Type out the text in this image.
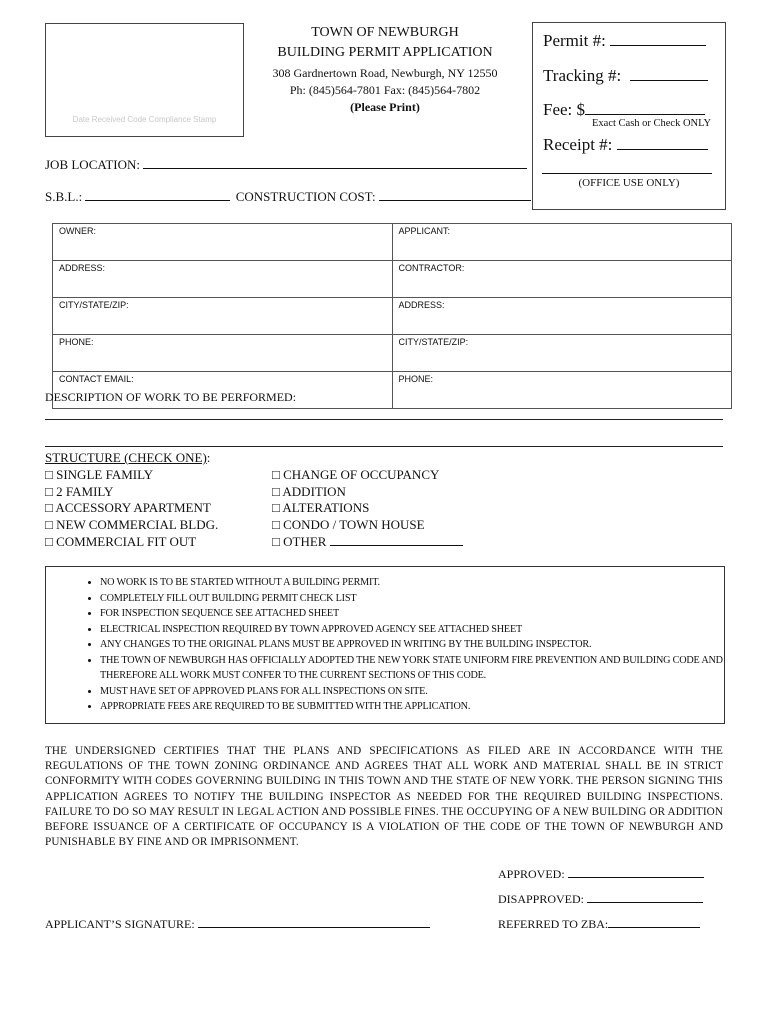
Date Received Code Compliance Stamp
TOWN OF NEWBURGH
BUILDING PERMIT APPLICATION
308 Gardnertown Road, Newburgh, NY 12550
Ph: (845)564-7801 Fax: (845)564-7802
(Please Print)
Permit #:
Tracking #:
Fee: $
Exact Cash or Check ONLY
Receipt #:
(OFFICE USE ONLY)
JOB LOCATION:
S.B.L.:	CONSTRUCTION COST:
OWNER:	APPLICANT:
ADDRESS:	CONTRACTOR:
CITY/STATE/ZIP:	ADDRESS:
PHONE:	CITY/STATE/ZIP:
CONTACT EMAIL:	PHONE:
DESCRIPTION OF WORK TO BE PERFORMED:
STRUCTURE (CHECK ONE):
□ SINGLE FAMILY
□ 2 FAMILY
□ ACCESSORY APARTMENT
□ NEW COMMERCIAL BLDG.
□ COMMERCIAL FIT OUT
□ CHANGE OF OCCUPANCY
□ ADDITION
□ ALTERATIONS
□ CONDO / TOWN HOUSE
□ OTHER
• NO WORK IS TO BE STARTED WITHOUT A BUILDING PERMIT.
• COMPLETELY FILL OUT BUILDING PERMIT CHECK LIST
• FOR INSPECTION SEQUENCE SEE ATTACHED SHEET
• ELECTRICAL INSPECTION REQUIRED BY TOWN APPROVED AGENCY SEE ATTACHED SHEET
• ANY CHANGES TO THE ORIGINAL PLANS MUST BE APPROVED IN WRITING BY THE BUILDING INSPECTOR.
• THE TOWN OF NEWBURGH HAS OFFICIALLY ADOPTED THE NEW YORK STATE UNIFORM FIRE PREVENTION AND BUILDING CODE AND THEREFORE ALL WORK MUST CONFER TO THE CURRENT SECTIONS OF THIS CODE.
• MUST HAVE SET OF APPROVED PLANS FOR ALL INSPECTIONS ON SITE.
• APPROPRIATE FEES ARE REQUIRED TO BE SUBMITTED WITH THE APPLICATION.
THE UNDERSIGNED CERTIFIES THAT THE PLANS AND SPECIFICATIONS AS FILED ARE IN ACCORDANCE WITH THE REGULATIONS OF THE TOWN ZONING ORDINANCE AND AGREES THAT ALL WORK AND MATERIAL SHALL BE IN STRICT CONFORMITY WITH CODES GOVERNING BUILDING IN THIS TOWN AND THE STATE OF NEW YORK. THE PERSON SIGNING THIS APPLICATION AGREES TO NOTIFY THE BUILDING INSPECTOR AS NEEDED FOR THE REQUIRED BUILDING INSPECTIONS. FAILURE TO DO SO MAY RESULT IN LEGAL ACTION AND POSSIBLE FINES. THE OCCUPYING OF A NEW BUILDING OR ADDITION BEFORE ISSUANCE OF A CERTIFICATE OF OCCUPANCY IS A VIOLATION OF THE CODE OF THE TOWN OF NEWBURGH AND PUNISHABLE BY FINE AND OR IMPRISONMENT.
APPROVED:
DISAPPROVED:
REFERRED TO ZBA:
APPLICANT’S SIGNATURE:
